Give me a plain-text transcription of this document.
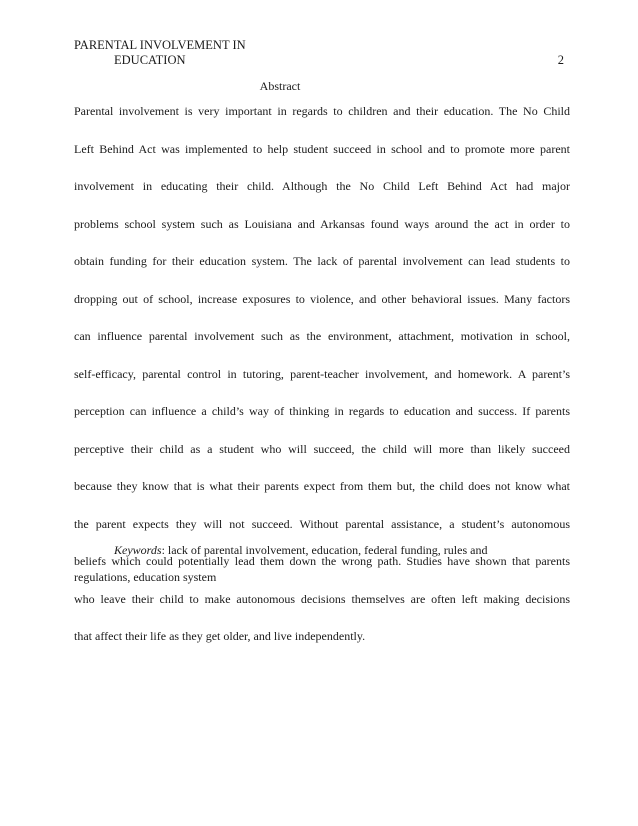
PARENTAL INVOLVEMENT IN
EDUCATION	2
Abstract
Parental involvement is very important in regards to children and their education. The No Child
Left Behind Act was implemented to help student succeed in school and to promote more parent
involvement in educating their child. Although the No Child Left Behind Act had major
problems school system such as Louisiana and Arkansas found ways around the act in order to
obtain funding for their education system. The lack of parental involvement can lead students to
dropping out of school, increase exposures to violence, and other behavioral issues. Many factors
can influence parental involvement such as the environment, attachment, motivation in school,
self-efficacy, parental control in tutoring, parent-teacher involvement, and homework. A parent’s
perception can influence a child’s way of thinking in regards to education and success. If parents
perceptive their child as a student who will succeed, the child will more than likely succeed
because they know that is what their parents expect from them but, the child does not know what
the parent expects they will not succeed. Without parental assistance, a student’s autonomous
beliefs which could potentially lead them down the wrong path. Studies have shown that parents
who leave their child to make autonomous decisions themselves are often left making decisions
that affect their life as they get older, and live independently.
Keywords: lack of parental involvement, education, federal funding, rules and
regulations, education system
